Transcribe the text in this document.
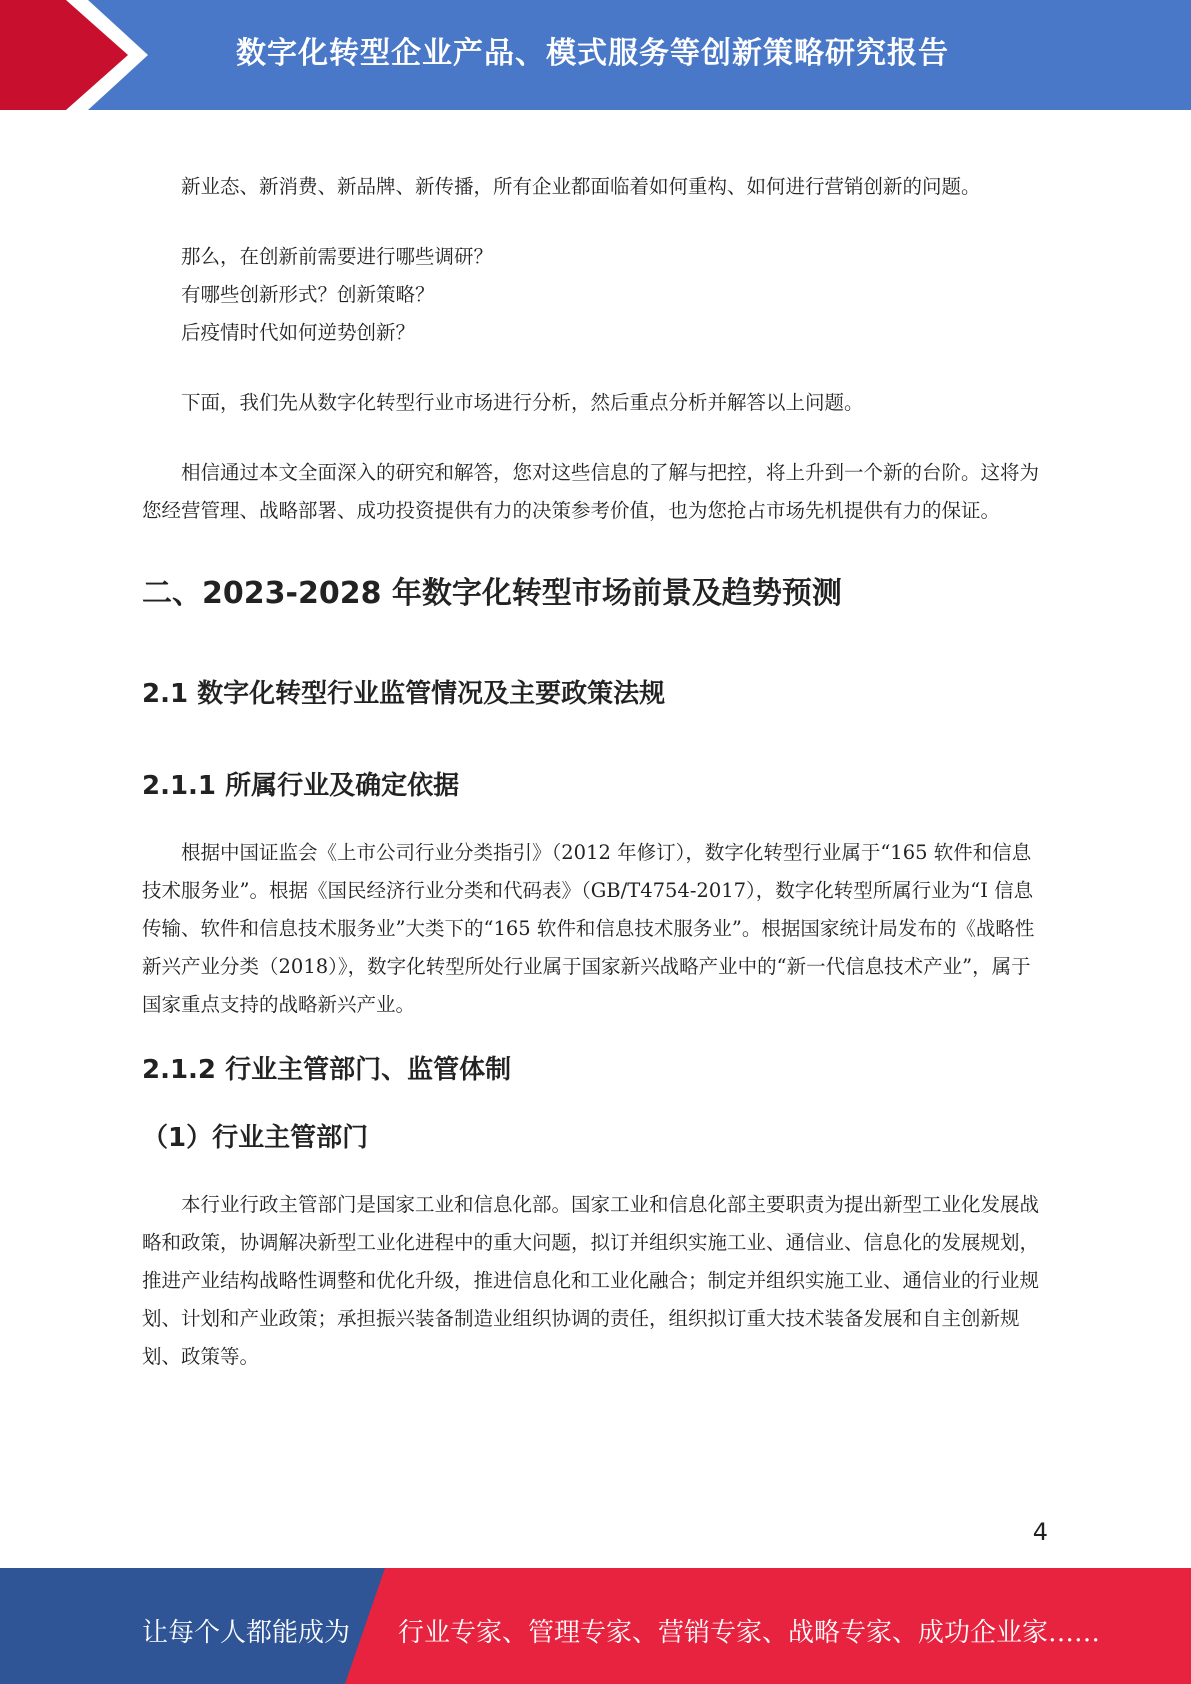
数字化转型企业产品、模式服务等创新策略研究报告

新业态、新消费、新品牌、新传播，所有企业都面临着如何重构、如何进行营销创新的问题。

那么，在创新前需要进行哪些调研？

有哪些创新形式？创新策略？

后疫情时代如何逆势创新？

下面，我们先从数字化转型行业市场进行分析，然后重点分析并解答以上问题。

相信通过本文全面深入的研究和解答，您对这些信息的了解与把控，将上升到一个新的台阶。这将为您经营管理、战略部署、成功投资提供有力的决策参考价值，也为您抢占市场先机提供有力的保证。

二、2023-2028 年数字化转型市场前景及趋势预测
2.1 数字化转型行业监管情况及主要政策法规
2.1.1 所属行业及确定依据

根据中国证监会《上市公司行业分类指引》（2012 年修订），数字化转型行业属于“165 软件和信息技术服务业”。根据《国民经济行业分类和代码表》（GB/T4754-2017），数字化转型所属行业为“I 信息传输、软件和信息技术服务业”大类下的“165 软件和信息技术服务业”。根据国家统计局发布的《战略性新兴产业分类（2018）》，数字化转型所处行业属于国家新兴战略产业中的“新一代信息技术产业”，属于国家重点支持的战略新兴产业。

2.1.2 行业主管部门、监管体制
（1）行业主管部门

本行业行政主管部门是国家工业和信息化部。国家工业和信息化部主要职责为提出新型工业化发展战略和政策，协调解决新型工业化进程中的重大问题，拟订并组织实施工业、通信业、信息化的发展规划，推进产业结构战略性调整和优化升级，推进信息化和工业化融合；制定并组织实施工业、通信业的行业规划、计划和产业政策；承担振兴装备制造业组织协调的责任，组织拟订重大技术装备发展和自主创新规划、政策等。

4
让每个人都能成为 行业专家、管理专家、营销专家、战略专家、成功企业家……
